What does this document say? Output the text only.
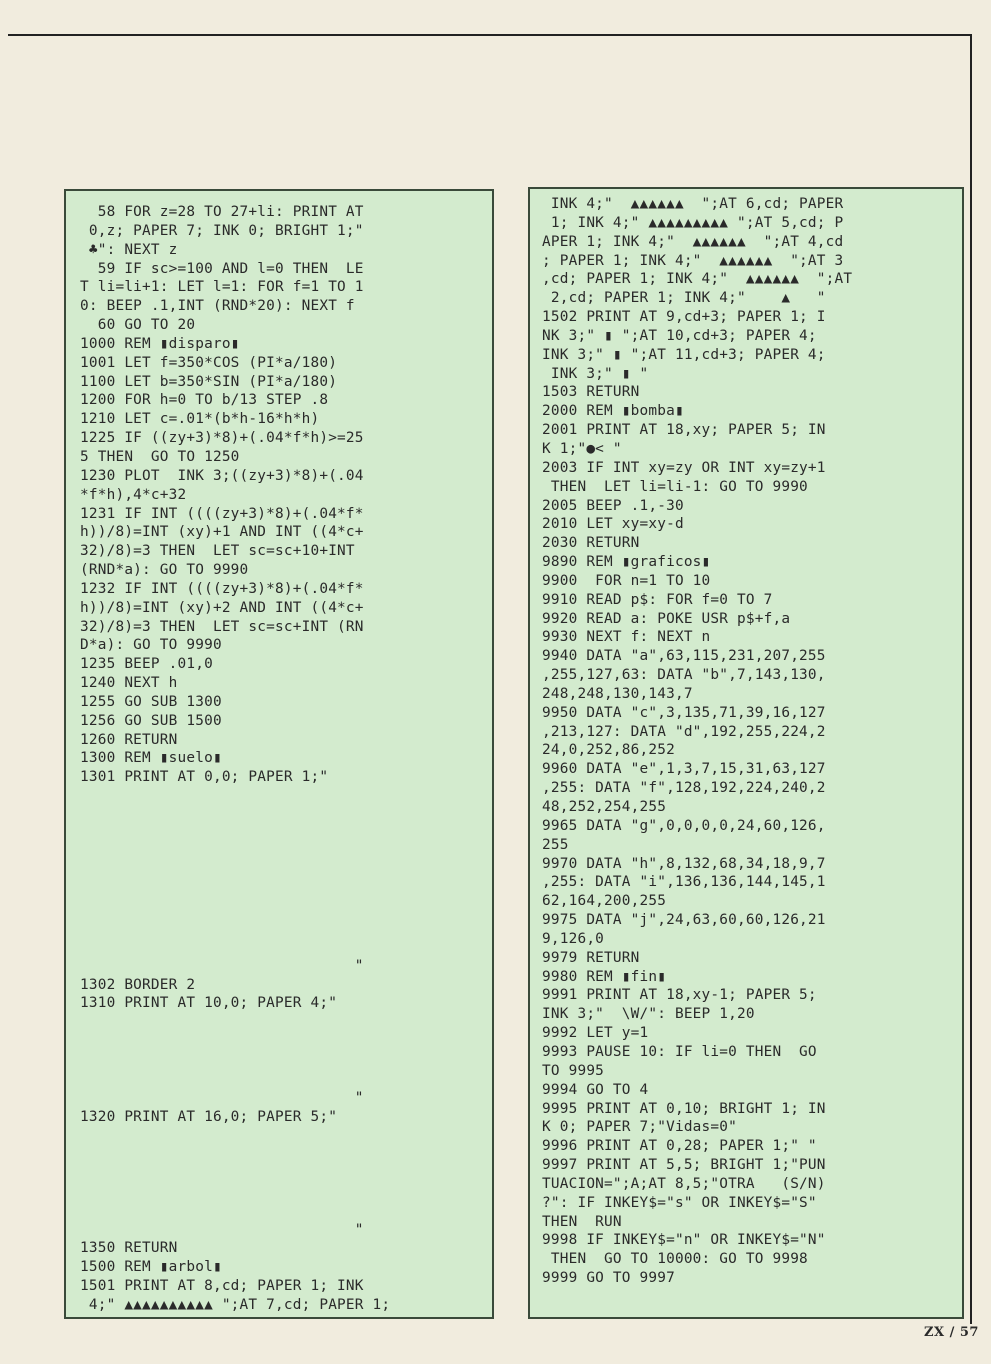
58 FOR z=28 TO 27+li: PRINT AT
0,z; PAPER 7; INK 0; BRIGHT 1;"
♣": NEXT z
59 IF sc>=100 AND l=0 THEN  LE
T li=li+1: LET l=1: FOR f=1 TO 1
0: BEEP .1,INT (RND*20): NEXT f
60 GO TO 20
1000 REM ▮disparo▮
1001 LET f=350*COS (PI*a/180)
1100 LET b=350*SIN (PI*a/180)
1200 FOR h=0 TO b/13 STEP .8
1210 LET c=.01*(b*h-16*h*h)
1225 IF ((zy+3)*8)+(.04*f*h)>=25
5 THEN  GO TO 1250
1230 PLOT  INK 3;((zy+3)*8)+(.04
*f*h),4*c+32
1231 IF INT ((((zy+3)*8)+(.04*f*
h))/8)=INT (xy)+1 AND INT ((4*c+
32)/8)=3 THEN  LET sc=sc+10+INT
(RND*a): GO TO 9990
1232 IF INT ((((zy+3)*8)+(.04*f*
h))/8)=INT (xy)+2 AND INT ((4*c+
32)/8)=3 THEN  LET sc=sc+INT (RN
D*a): GO TO 9990
1235 BEEP .01,0
1240 NEXT h
1255 GO SUB 1300
1256 GO SUB 1500
1260 RETURN
1300 REM ▮suelo▮
1301 PRINT AT 0,0; PAPER 1;"
"
1302 BORDER 2
1310 PRINT AT 10,0; PAPER 4;"
"
1320 PRINT AT 16,0; PAPER 5;"
"
1350 RETURN
1500 REM ▮arbol▮
1501 PRINT AT 8,cd; PAPER 1; INK
4;" ▲▲▲▲▲▲▲▲▲▲ ";AT 7,cd; PAPER 1;
INK 4;"  ▲▲▲▲▲▲  ";AT 6,cd; PAPER
1; INK 4;" ▲▲▲▲▲▲▲▲▲ ";AT 5,cd; P
APER 1; INK 4;"  ▲▲▲▲▲▲  ";AT 4,cd
; PAPER 1; INK 4;"  ▲▲▲▲▲▲  ";AT 3
,cd; PAPER 1; INK 4;"  ▲▲▲▲▲▲  ";AT
2,cd; PAPER 1; INK 4;"    ▲   "
1502 PRINT AT 9,cd+3; PAPER 1; I
NK 3;" ▮ ";AT 10,cd+3; PAPER 4;
INK 3;" ▮ ";AT 11,cd+3; PAPER 4;
INK 3;" ▮ "
1503 RETURN
2000 REM ▮bomba▮
2001 PRINT AT 18,xy; PAPER 5; IN
K 1;"●< "
2003 IF INT xy=zy OR INT xy=zy+1
THEN  LET li=li-1: GO TO 9990
2005 BEEP .1,-30
2010 LET xy=xy-d
2030 RETURN
9890 REM ▮graficos▮
9900  FOR n=1 TO 10
9910 READ p$: FOR f=0 TO 7
9920 READ a: POKE USR p$+f,a
9930 NEXT f: NEXT n
9940 DATA "a",63,115,231,207,255
,255,127,63: DATA "b",7,143,130,
248,248,130,143,7
9950 DATA "c",3,135,71,39,16,127
,213,127: DATA "d",192,255,224,2
24,0,252,86,252
9960 DATA "e",1,3,7,15,31,63,127
,255: DATA "f",128,192,224,240,2
48,252,254,255
9965 DATA "g",0,0,0,0,24,60,126,
255
9970 DATA "h",8,132,68,34,18,9,7
,255: DATA "i",136,136,144,145,1
62,164,200,255
9975 DATA "j",24,63,60,60,126,21
9,126,0
9979 RETURN
9980 REM ▮fin▮
9991 PRINT AT 18,xy-1; PAPER 5;
INK 3;"  \W/": BEEP 1,20
9992 LET y=1
9993 PAUSE 10: IF li=0 THEN  GO
TO 9995
9994 GO TO 4
9995 PRINT AT 0,10; BRIGHT 1; IN
K 0; PAPER 7;"Vidas=0"
9996 PRINT AT 0,28; PAPER 1;" "
9997 PRINT AT 5,5; BRIGHT 1;"PUN
TUACION=";A;AT 8,5;"OTRA   (S/N)
?": IF INKEY$="s" OR INKEY$="S"
THEN  RUN
9998 IF INKEY$="n" OR INKEY$="N"
THEN  GO TO 10000: GO TO 9998
9999 GO TO 9997
ZX / 57
